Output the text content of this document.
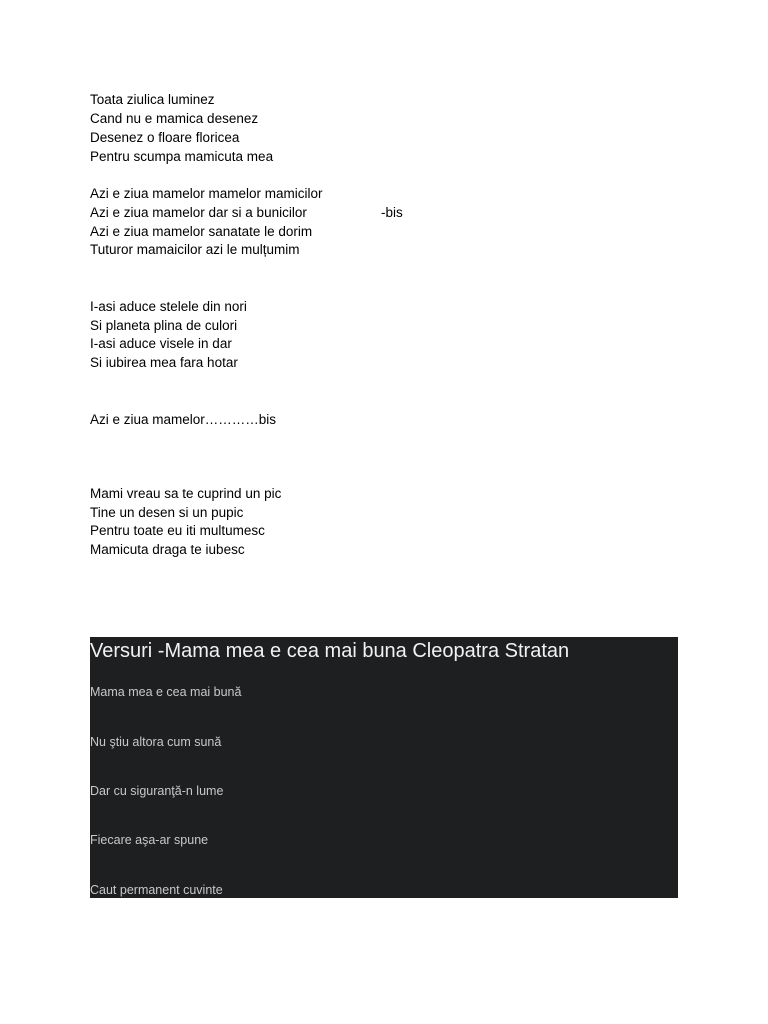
Toata ziulica luminez
Cand nu e mamica desenez
Desenez o floare floricea
Pentru scumpa mamicuta mea
Azi e ziua mamelor mamelor mamicilor
Azi e ziua mamelor dar si a bunicilor	-bis
Azi e ziua mamelor sanatate le dorim
Tuturor mamaicilor azi le mulțumim
I-asi aduce stelele din nori
Si planeta plina de culori
I-asi aduce visele in dar
Si iubirea mea fara hotar
Azi e ziua mamelor…………bis
Mami vreau sa te cuprind un pic
Tine un desen si un pupic
Pentru toate eu iti multumesc
Mamicuta draga te iubesc
Versuri -Mama mea e cea mai buna Cleopatra Stratan
Mama mea e cea mai bună
Nu ştiu altora cum sună
Dar cu siguranţă-n lume
Fiecare aşa-ar spune
Caut permanent cuvinte
